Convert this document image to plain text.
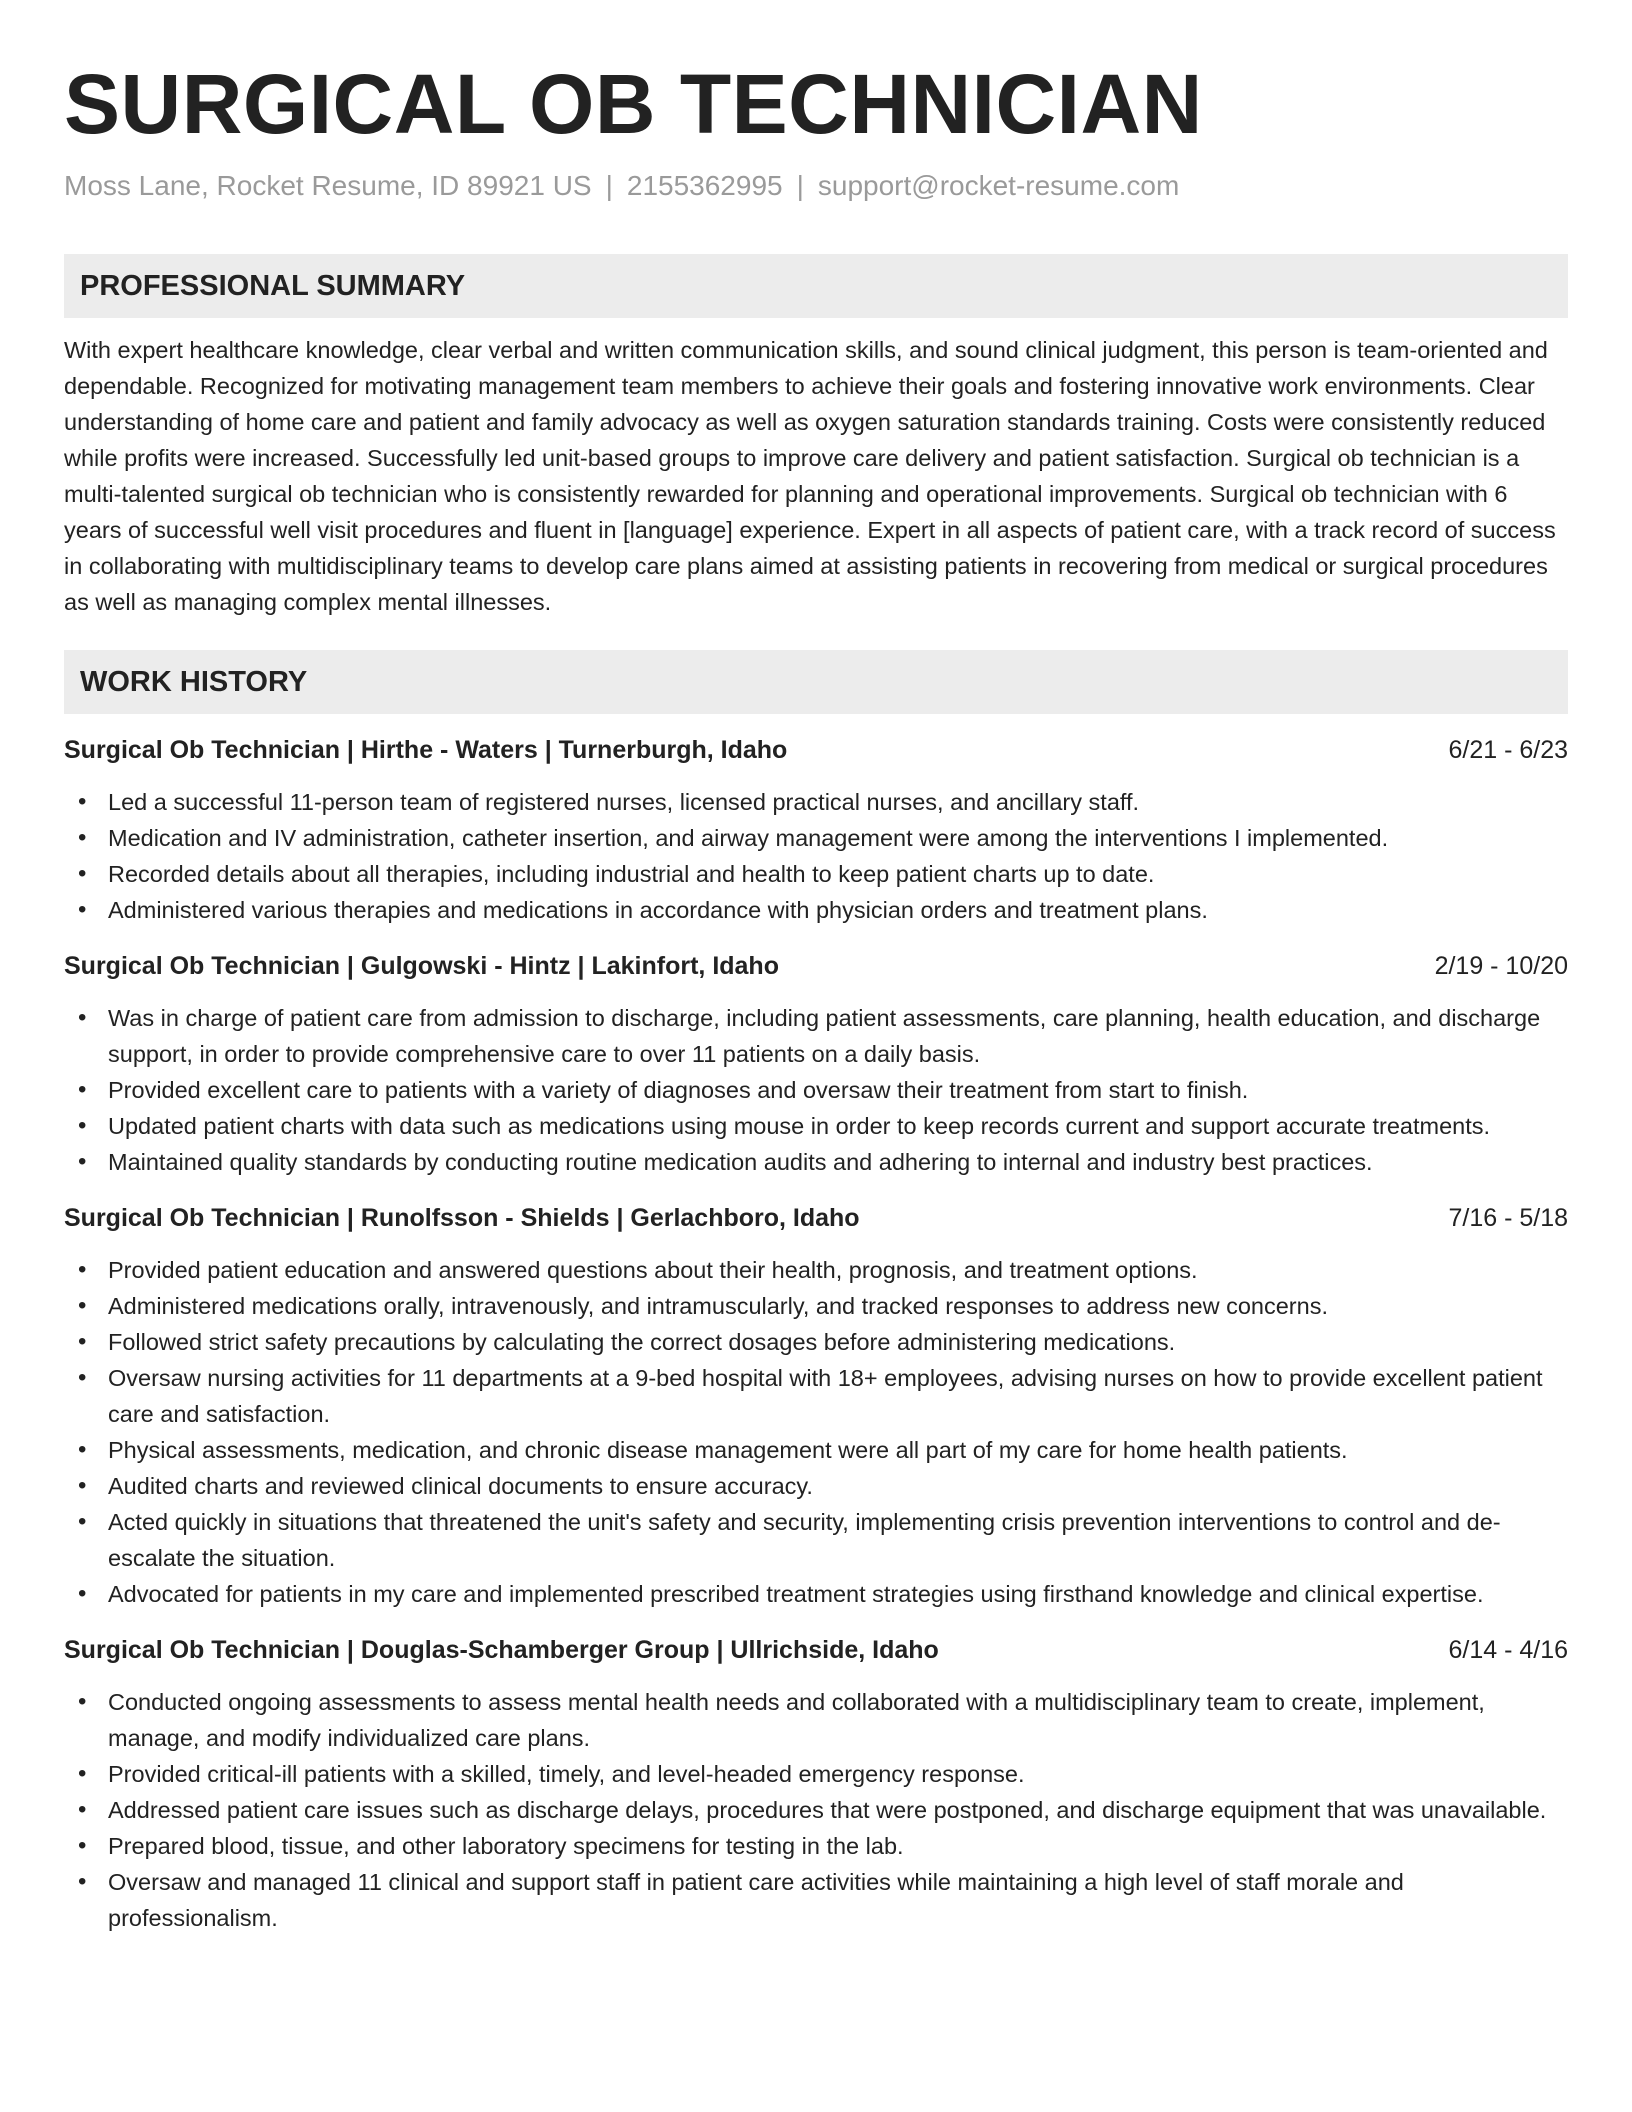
SURGICAL OB TECHNICIAN
Moss Lane, Rocket Resume, ID 89921 US | 2155362995 | support@rocket-resume.com
PROFESSIONAL SUMMARY

With expert healthcare knowledge, clear verbal and written communication skills, and sound clinical judgment, this person is team-oriented and dependable. Recognized for motivating management team members to achieve their goals and fostering innovative work environments. Clear understanding of home care and patient and family advocacy as well as oxygen saturation standards training. Costs were consistently reduced while profits were increased. Successfully led unit-based groups to improve care delivery and patient satisfaction. Surgical ob technician is a multi-talented surgical ob technician who is consistently rewarded for planning and operational improvements. Surgical ob technician with 6 years of successful well visit procedures and fluent in [language] experience. Expert in all aspects of patient care, with a track record of success in collaborating with multidisciplinary teams to develop care plans aimed at assisting patients in recovering from medical or surgical procedures as well as managing complex mental illnesses.

WORK HISTORY
Surgical Ob Technician | Hirthe - Waters | Turnerburgh, Idaho	6/21 - 6/23
• Led a successful 11-person team of registered nurses, licensed practical nurses, and ancillary staff.
• Medication and IV administration, catheter insertion, and airway management were among the interventions I implemented.
• Recorded details about all therapies, including industrial and health to keep patient charts up to date.
• Administered various therapies and medications in accordance with physician orders and treatment plans.
Surgical Ob Technician | Gulgowski - Hintz | Lakinfort, Idaho	2/19 - 10/20
• Was in charge of patient care from admission to discharge, including patient assessments, care planning, health education, and discharge support, in order to provide comprehensive care to over 11 patients on a daily basis.
• Provided excellent care to patients with a variety of diagnoses and oversaw their treatment from start to finish.
• Updated patient charts with data such as medications using mouse in order to keep records current and support accurate treatments.
• Maintained quality standards by conducting routine medication audits and adhering to internal and industry best practices.
Surgical Ob Technician | Runolfsson - Shields | Gerlachboro, Idaho	7/16 - 5/18
• Provided patient education and answered questions about their health, prognosis, and treatment options.
• Administered medications orally, intravenously, and intramuscularly, and tracked responses to address new concerns.
• Followed strict safety precautions by calculating the correct dosages before administering medications.
• Oversaw nursing activities for 11 departments at a 9-bed hospital with 18+ employees, advising nurses on how to provide excellent patient care and satisfaction.
• Physical assessments, medication, and chronic disease management were all part of my care for home health patients.
• Audited charts and reviewed clinical documents to ensure accuracy.
• Acted quickly in situations that threatened the unit's safety and security, implementing crisis prevention interventions to control and de-escalate the situation.
• Advocated for patients in my care and implemented prescribed treatment strategies using firsthand knowledge and clinical expertise.
Surgical Ob Technician | Douglas-Schamberger Group | Ullrichside, Idaho	6/14 - 4/16
• Conducted ongoing assessments to assess mental health needs and collaborated with a multidisciplinary team to create, implement, manage, and modify individualized care plans.
• Provided critical-ill patients with a skilled, timely, and level-headed emergency response.
• Addressed patient care issues such as discharge delays, procedures that were postponed, and discharge equipment that was unavailable.
• Prepared blood, tissue, and other laboratory specimens for testing in the lab.
• Oversaw and managed 11 clinical and support staff in patient care activities while maintaining a high level of staff morale and professionalism.
